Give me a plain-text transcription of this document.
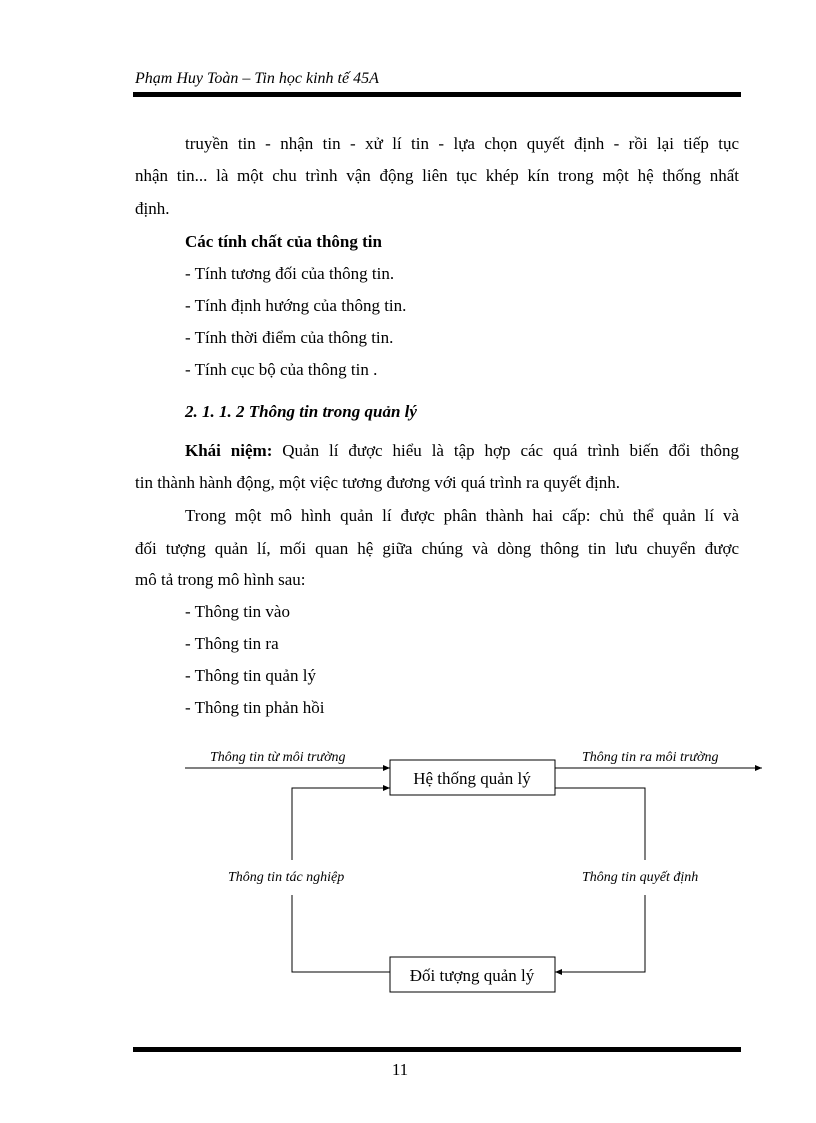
Phạm Huy Toàn – Tin học kinh tế 45A
truyền tin - nhận tin - xử lí tin - lựa chọn quyết định - rồi lại tiếp tục
nhận tin... là một chu trình vận động liên tục khép kín trong một hệ thống nhất
định.
Các tính chất của thông tin
- Tính tương đối của thông tin.
- Tính định hướng của thông tin.
- Tính thời điểm của thông tin.
- Tính cục bộ của thông tin .
2. 1. 1. 2 Thông tin trong quản lý
Khái niệm: Quản lí được hiểu là tập hợp các quá trình biến đổi thông
tin thành hành động, một việc tương đương với quá trình ra quyết định.
Trong một mô hình quản lí được phân thành hai cấp: chủ thể quản lí và
đối tượng quản lí, mối quan hệ giữa chúng và dòng thông tin lưu chuyển được
mô tả trong mô hình sau:
- Thông tin vào
- Thông tin ra
- Thông tin quản lý
- Thông tin phản hồi
Hệ thống quản lý
Đối tượng quản lý
Thông tin từ môi trường	Thông tin ra môi trường
Thông tin tác nghiệp	Thông tin quyết định
11
